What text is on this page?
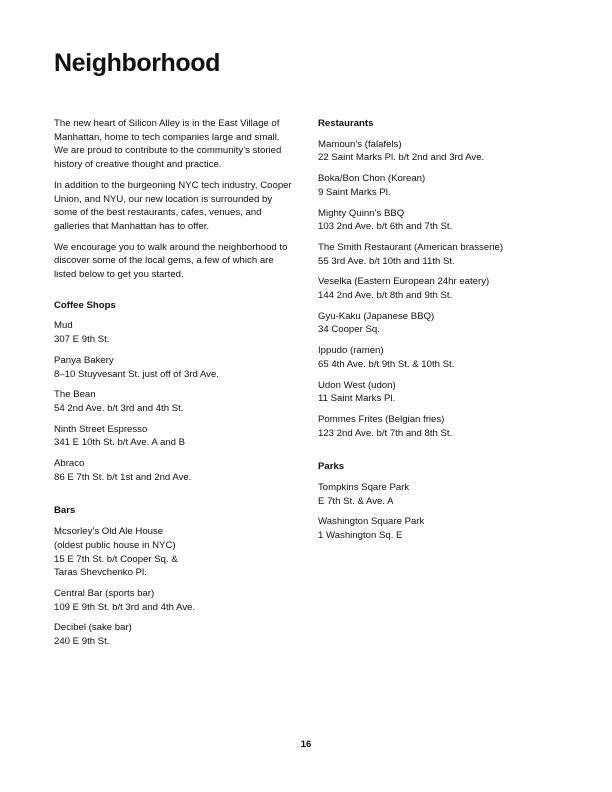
Neighborhood

The new heart of Silicon Alley is in the East Village of Manhattan, home to tech companies large and small. We are proud to contribute to the community’s storied history of creative thought and practice.

In addition to the burgeoning NYC tech industry, Cooper Union, and NYU, our new location is surrounded by some of the best restaurants, cafes, venues, and galleries that Manhattan has to offer.

We encourage you to walk around the neighborhood to discover some of the local gems, a few of which are listed below to get you started.

Coffee Shops
Mud
307 E 9th St.
Panya Bakery
8–10 Stuyvesant St. just off of 3rd Ave.
The Bean
54 2nd Ave. b/t 3rd and 4th St.
Ninth Street Espresso
341 E 10th St. b/t Ave. A and B
Abraco
86 E 7th St. b/t 1st and 2nd Ave.
Bars
Mcsorley’s Old Ale House
(oldest public house in NYC)
15 E 7th St. b/t Cooper Sq. &
Taras Shevchenko Pl.
Central Bar (sports bar)
109 E 9th St. b/t 3rd and 4th Ave.
Decibel (sake bar)
240 E 9th St.
Restaurants
Mamoun’s (falafels)
22 Saint Marks Pl. b/t 2nd and 3rd Ave.
Boka/Bon Chon (Korean)
9 Saint Marks Pl.
Mighty Quinn’s BBQ
103 2nd Ave. b/t 6th and 7th St.
The Smith Restaurant (American brasserie)
55 3rd Ave. b/t 10th and 11th St.
Veselka (Eastern European 24hr eatery)
144 2nd Ave. b/t 8th and 9th St.
Gyu-Kaku (Japanese BBQ)
34 Cooper Sq.
Ippudo (ramen)
65 4th Ave. b/t 9th St. & 10th St.
Udon West (udon)
11 Saint Marks Pl.
Pommes Frites (Belgian fries)
123 2nd Ave. b/t 7th and 8th St.
Parks
Tompkins Sqare Park
E 7th St. & Ave. A
Washington Square Park
1 Washington Sq. E
16
